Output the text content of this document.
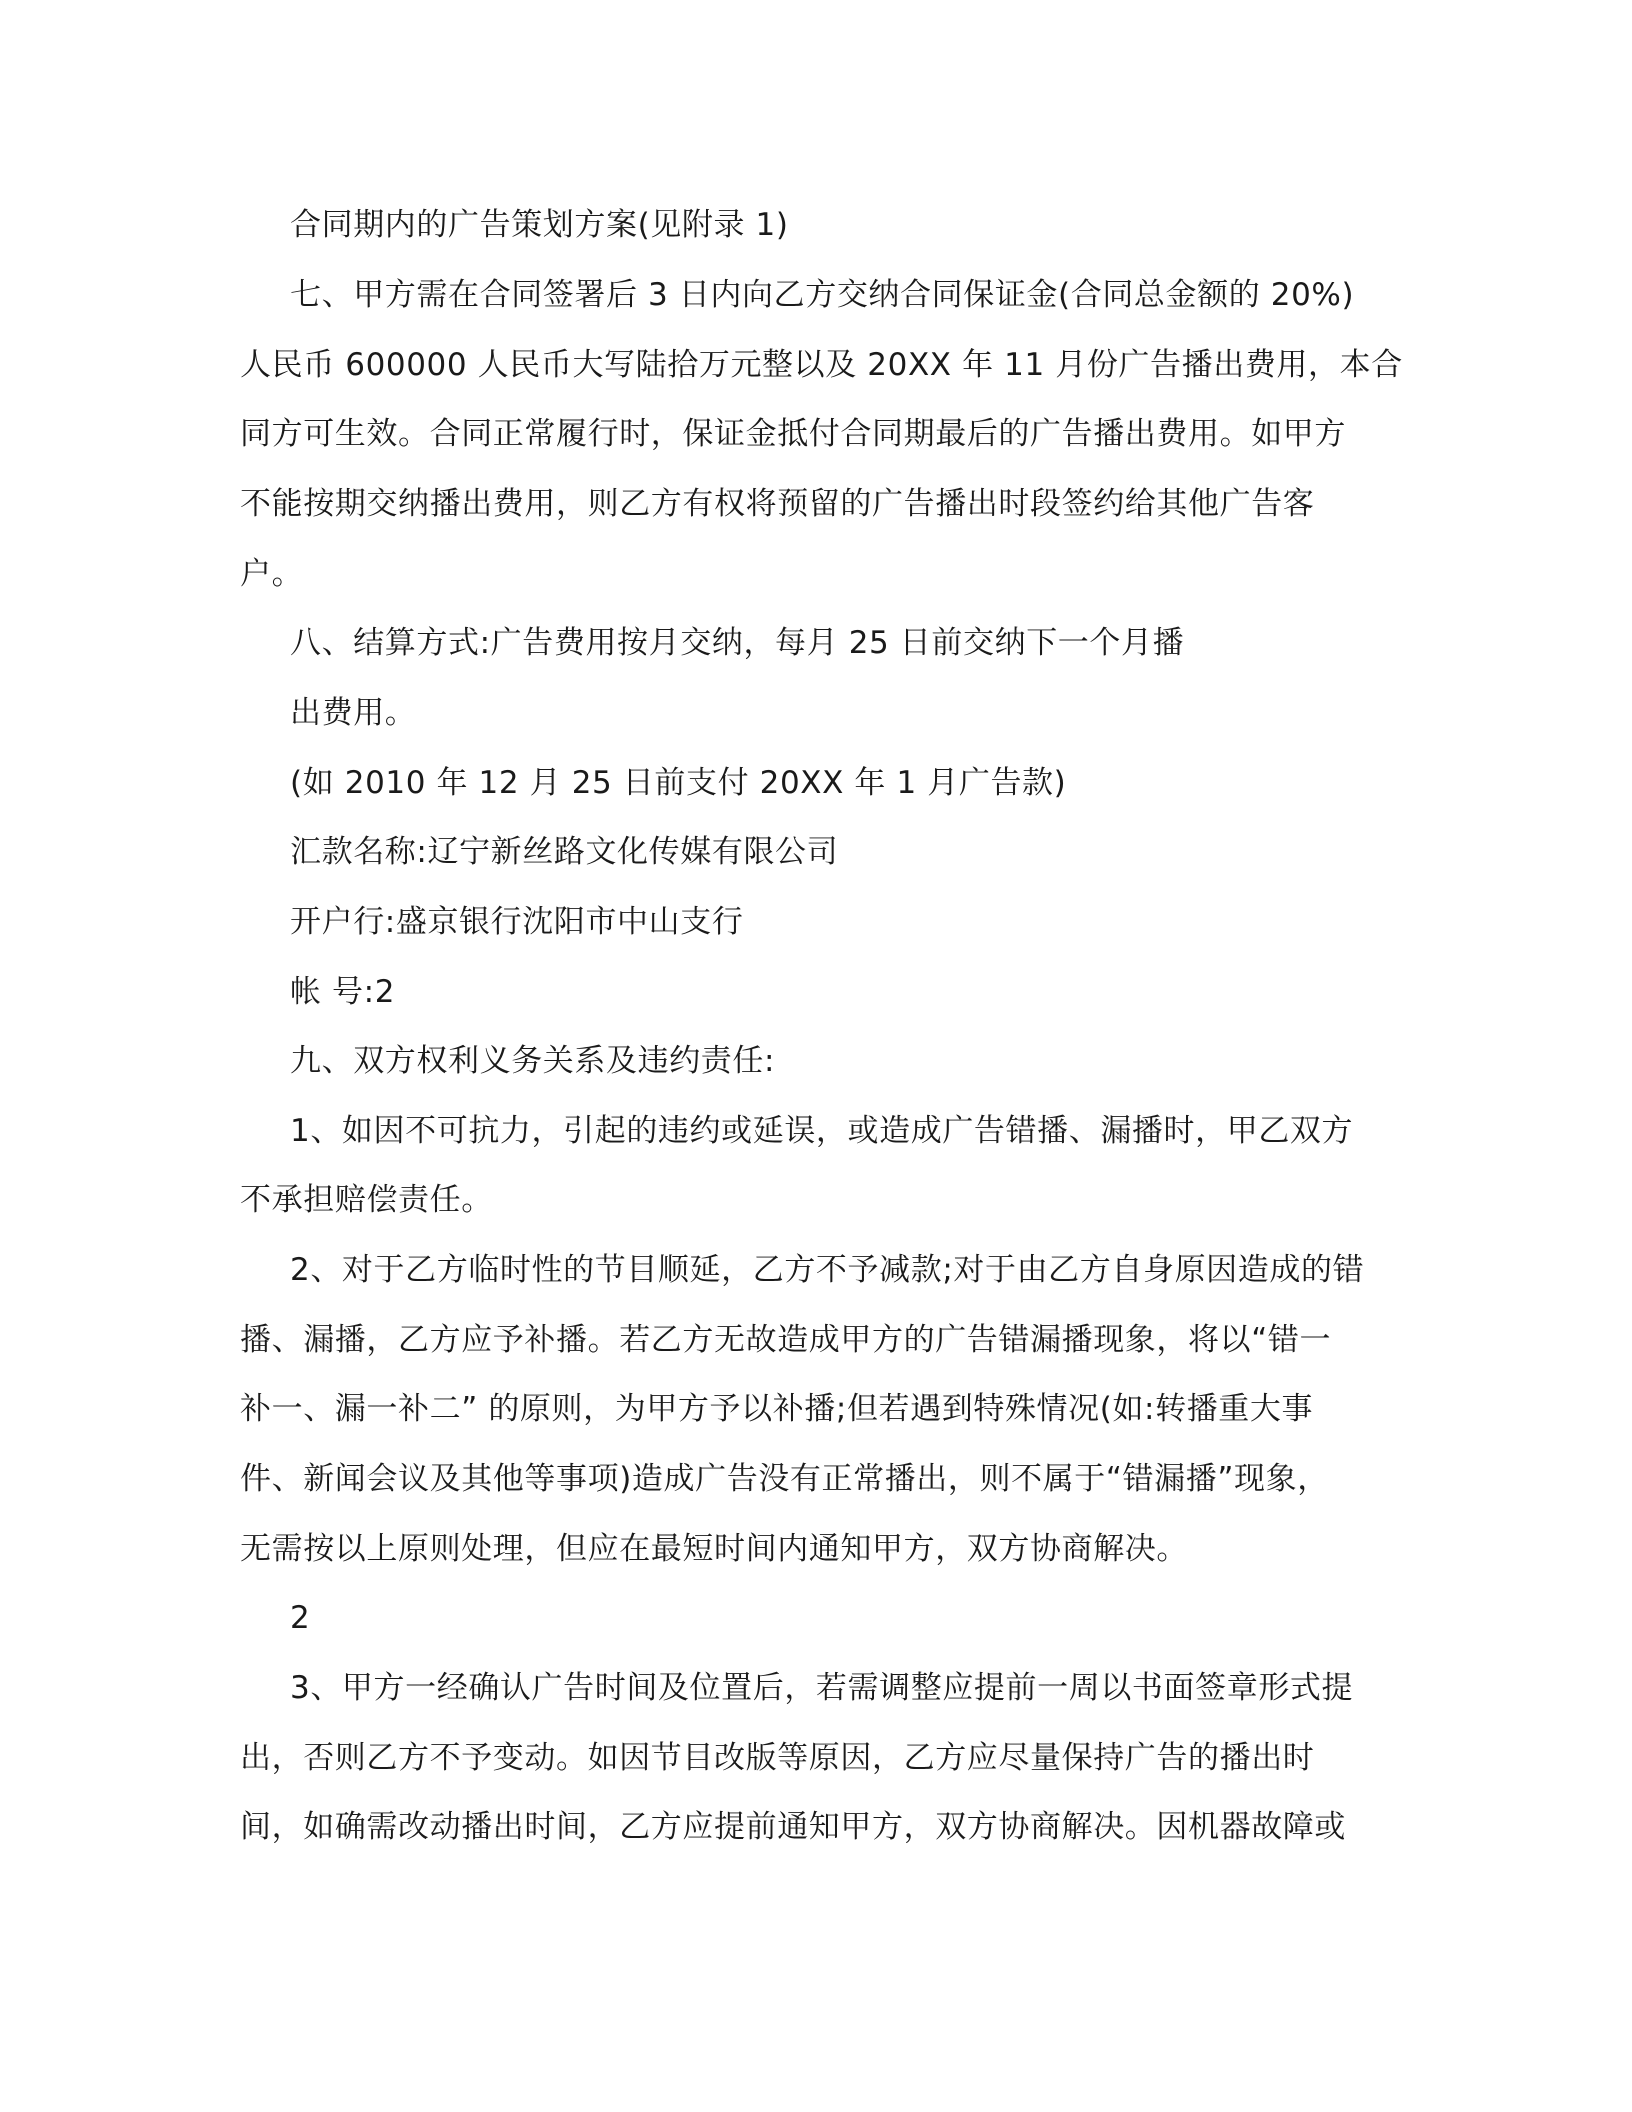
合同期内的广告策划方案(见附录 1)
七、甲方需在合同签署后 3 日内向乙方交纳合同保证金(合同总金额的 20%)
人民币 600000 人民币大写陆拾万元整以及 20XX 年 11 月份广告播出费用，本合
同方可生效。合同正常履行时，保证金抵付合同期最后的广告播出费用。如甲方
不能按期交纳播出费用，则乙方有权将预留的广告播出时段签约给其他广告客
户。
八、结算方式:广告费用按月交纳，每月 25 日前交纳下一个月播
出费用。
(如 2010 年 12 月 25 日前支付 20XX 年 1 月广告款)
汇款名称:辽宁新丝路文化传媒有限公司
开户行:盛京银行沈阳市中山支行
帐 号:2
九、双方权利义务关系及违约责任:
1、如因不可抗力，引起的违约或延误，或造成广告错播、漏播时，甲乙双方
不承担赔偿责任。
2、对于乙方临时性的节目顺延，乙方不予减款;对于由乙方自身原因造成的错
播、漏播，乙方应予补播。若乙方无故造成甲方的广告错漏播现象，将以“错一
补一、漏一补二” 的原则，为甲方予以补播;但若遇到特殊情况(如:转播重大事
件、新闻会议及其他等事项)造成广告没有正常播出，则不属于“错漏播”现象，
无需按以上原则处理，但应在最短时间内通知甲方，双方协商解决。
2
3、甲方一经确认广告时间及位置后，若需调整应提前一周以书面签章形式提
出，否则乙方不予变动。如因节目改版等原因，乙方应尽量保持广告的播出时
间，如确需改动播出时间，乙方应提前通知甲方，双方协商解决。因机器故障或
